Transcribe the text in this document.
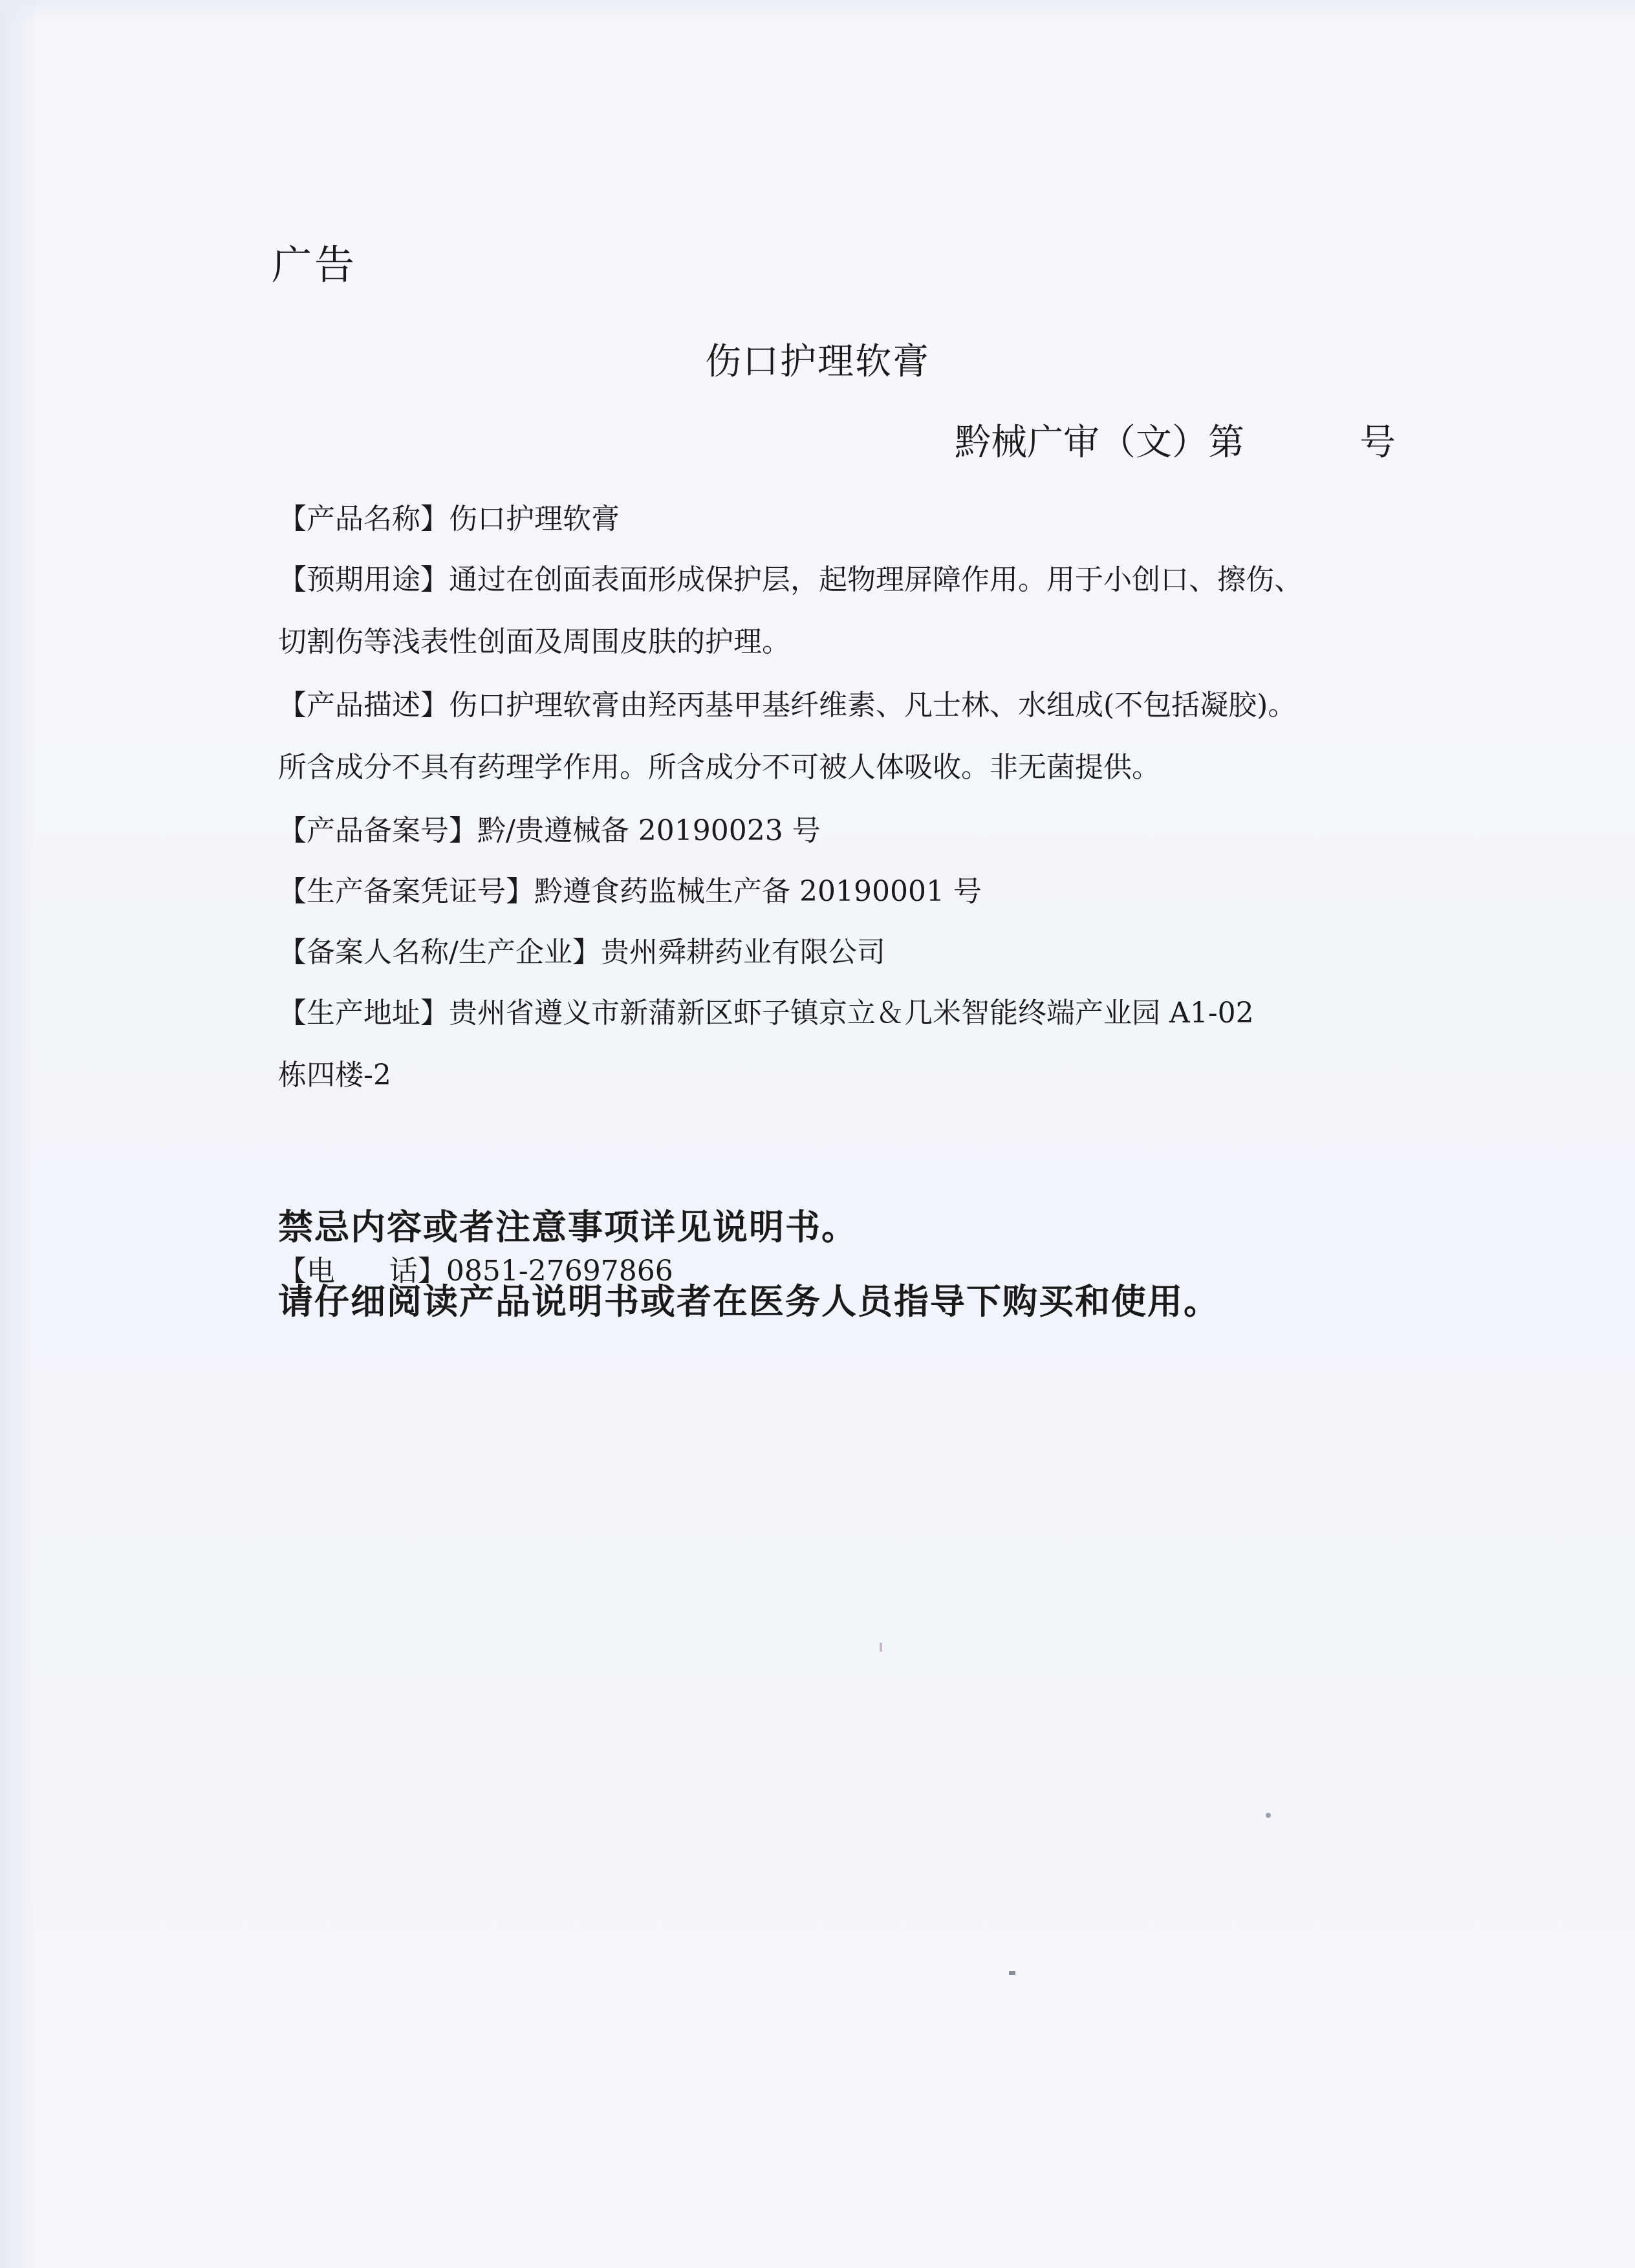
广告
伤口护理软膏
黔械广审（文）第          号
【产品名称】伤口护理软膏
【预期用途】通过在创面表面形成保护层，起物理屏障作用。用于小创口、擦伤、
切割伤等浅表性创面及周围皮肤的护理。
【产品描述】伤口护理软膏由羟丙基甲基纤维素、凡士林、水组成(不包括凝胶)。
所含成分不具有药理学作用。所含成分不可被人体吸收。非无菌提供。
【产品备案号】黔/贵遵械备 20190023 号
【生产备案凭证号】黔遵食药监械生产备 20190001 号
【备案人名称/生产企业】贵州舜耕药业有限公司
【生产地址】贵州省遵义市新蒲新区虾子镇京立＆几米智能终端产业园 A1-02
栋四楼-2

【电      话】0851-27697866

禁忌内容或者注意事项详见说明书。
请仔细阅读产品说明书或者在医务人员指导下购买和使用。
